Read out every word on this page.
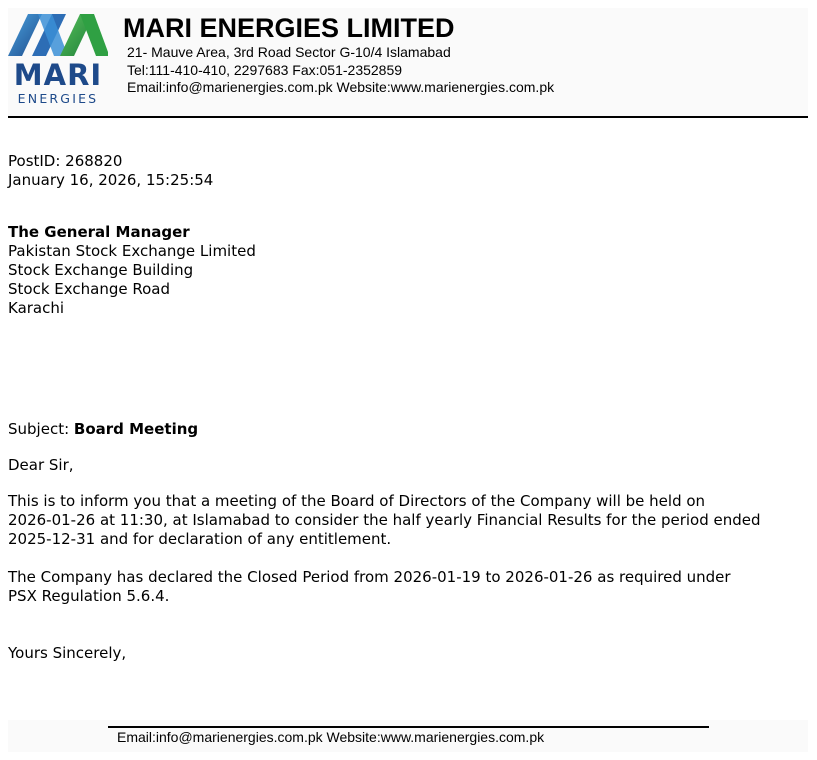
MARI
ENERGIES
MARI ENERGIES LIMITED
21- Mauve Area, 3rd Road Sector G-10/4 Islamabad
Tel:111-410-410, 2297683 Fax:051-2352859
Email:info@marienergies.com.pk Website:www.marienergies.com.pk
PostID: 268820
January 16, 2026, 15:25:54
The General Manager
Pakistan Stock Exchange Limited
Stock Exchange Building
Stock Exchange Road
Karachi
Subject: Board Meeting
Dear Sir,
This is to inform you that a meeting of the Board of Directors of the Company will be held on
2026-01-26 at 11:30, at Islamabad to consider the half yearly Financial Results for the period ended
2025-12-31 and for declaration of any entitlement.
The Company has declared the Closed Period from 2026-01-19 to 2026-01-26 as required under
PSX Regulation 5.6.4.
Yours Sincerely,
Email:info@marienergies.com.pk Website:www.marienergies.com.pk
